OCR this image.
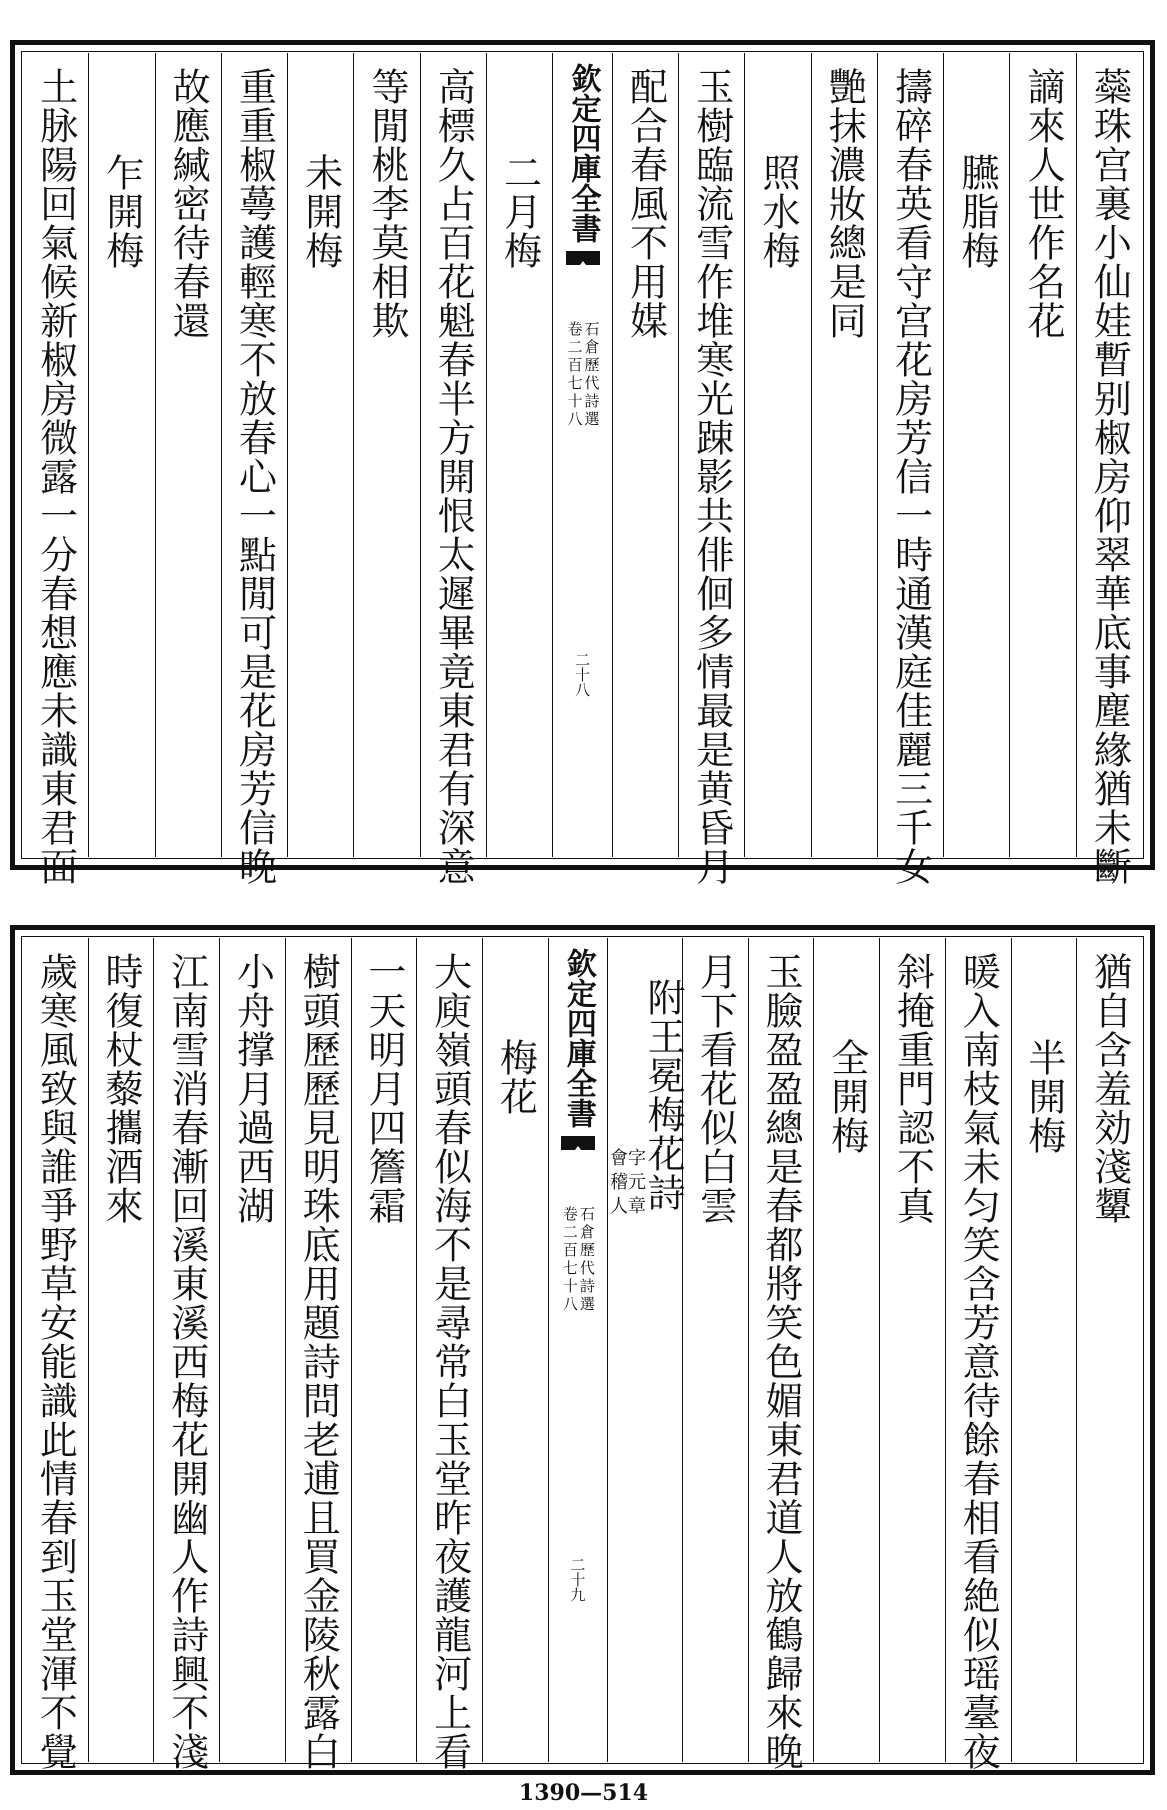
蘂珠宫裏小仙娃暫别椒房仰翠華底事塵緣猶未斷
謫來人世作名花
臙脂梅
擣碎春英看守宫花房芳信一時通漢庭佳麗三千女
艷抹濃妝總是同
照水梅
玉樹臨流雪作堆寒光踈影共俳佪多情最是黄昏月
配合春風不用媒
欽定四庫全書
石倉歷代詩選
卷二百七十八
二十八
二月梅
高標久占百花魁春半方開恨太遲畢竟東君有深意
等閒桃李莫相欺
未開梅
重重椒蕚護輕寒不放春心一點閒可是花房芳信晚
故應緘密待春還
乍開梅
土脉陽回氣候新椒房微露一分春想應未識東君面
猶自含羞効淺顰
半開梅
暖入南枝氣未匀笑含芳意待餘春相看絶似瑶臺夜
斜掩重門認不真
全開梅
玉臉盈盈總是春都將笑色媚東君道人放鶴歸來晚
月下看花似白雲
附王冕梅花詩
字元章
會稽人
欽定四庫全書
石倉歷代詩選
卷二百七十八
二十九
梅花
大庾嶺頭春似海不是尋常白玉堂昨夜護龍河上看
一天明月四簷霜
樹頭歷歷見明珠底用題詩問老逋且買金陵秋露白
小舟撑月過西湖
江南雪消春漸回溪東溪西梅花開幽人作詩興不淺
時復杖藜攜酒來
歲寒風致與誰爭野草安能識此情春到玉堂渾不覺
1390—514
